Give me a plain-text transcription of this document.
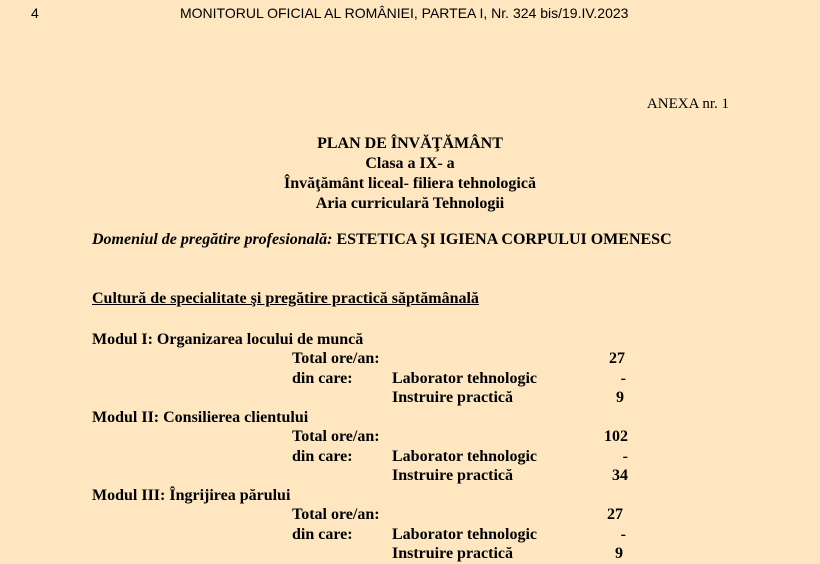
4	MONITORUL OFICIAL AL ROMÂNIEI, PARTEA I, Nr. 324 bis/19.IV.2023
ANEXA nr. 1
PLAN DE ÎNVĂŢĂMÂNT
Clasa a IX- a
Învăţământ liceal- filiera tehnologică
Aria curriculară Tehnologii
Domeniul de pregătire profesională: ESTETICA ŞI IGIENA CORPULUI OMENESC
Cultură de specialitate şi pregătire practică săptămânală
Modul I: Organizarea locului de muncă
Total ore/an:	27
din care: Laborator tehnologic	-
Instruire practică	9
Modul II: Consilierea clientului
Total ore/an:	102
din care: Laborator tehnologic	-
Instruire practică	34
Modul III: Îngrijirea părului
Total ore/an:	27
din care: Laborator tehnologic	-
Instruire practică	9
